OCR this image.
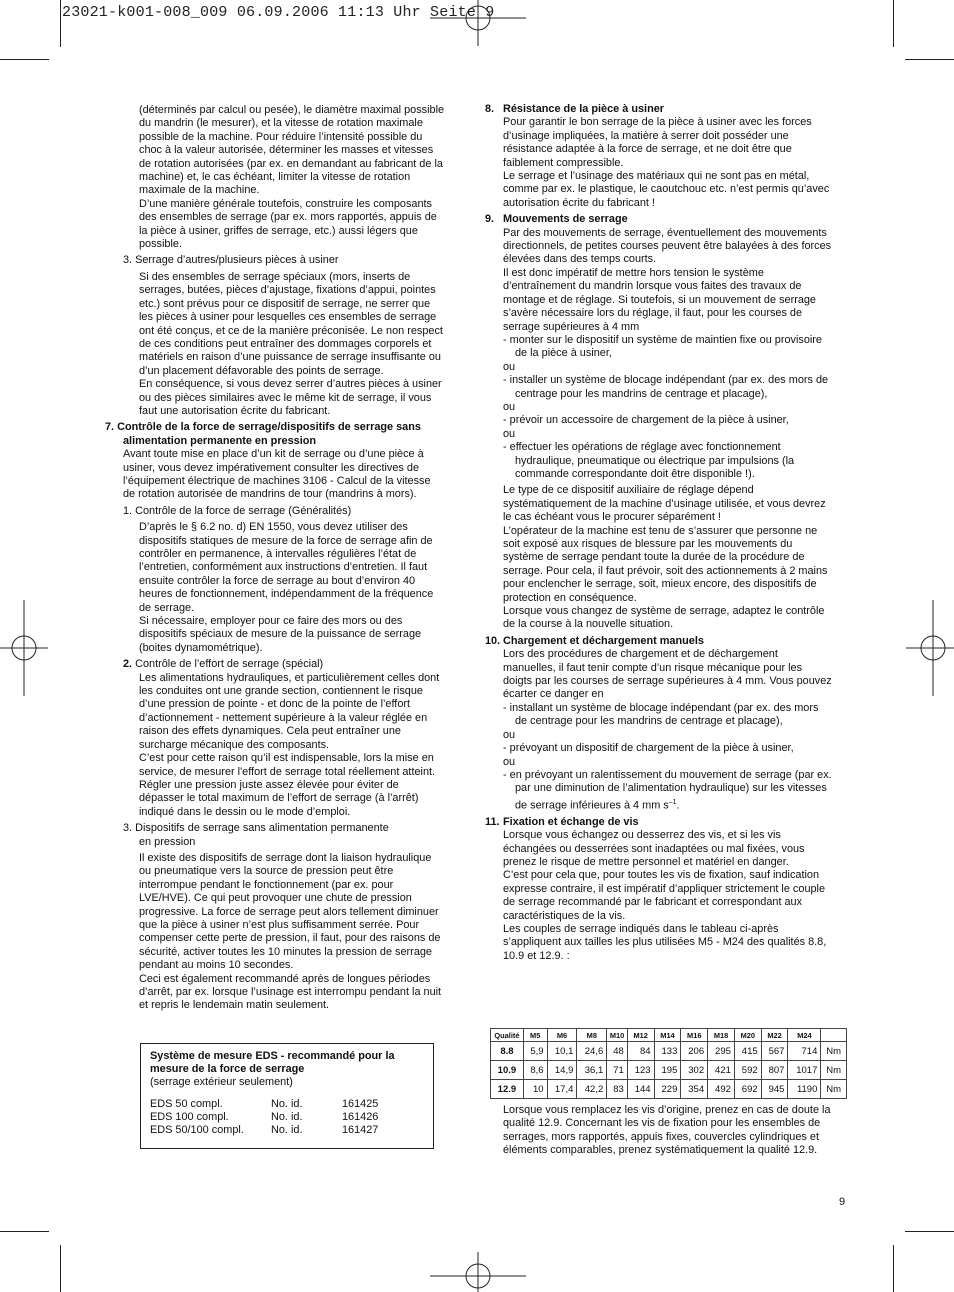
23021-k001-008_009 06.09.2006 11:13 Uhr Seite 9

(déterminés par calcul ou pesée), le diamètre maximal possible du mandrin (le mesurer), et la vitesse de rotation maximale possible de la machine. Pour réduire l’intensité possible du choc à la valeur autorisée, déterminer les masses et vitesses de rotation autorisées (par ex. en demandant au fabricant de la machine) et, le cas échéant, limiter la vitesse de rotation maximale de la machine.

D’une manière générale toutefois, construire les composants des ensembles de serrage (par ex. mors rapportés, appuis de la pièce à usiner, griffes de serrage, etc.) aussi légers que possible.

3. Serrage d’autres/plusieurs pièces à usiner

Si des ensembles de serrage spéciaux (mors, inserts de serrages, butées, pièces d’ajustage, fixations d’appui, pointes etc.) sont prévus pour ce dispositif de serrage, ne serrer que les pièces à usiner pour lesquelles ces ensembles de serrage ont été conçus, et ce de la manière préconisée. Le non respect de ces conditions peut entraîner des dommages corporels et matériels en raison d’une puissance de serrage insuffisante ou d’un placement défavorable des points de serrage.

En conséquence, si vous devez serrer d’autres pièces à usiner ou des pièces similaires avec le même kit de serrage, il vous faut une autorisation écrite du fabricant.

7. Contrôle de la force de serrage/dispositifs de serrage sans alimentation permanente en pression

Avant toute mise en place d’un kit de serrage ou d’une pièce à usiner, vous devez impérativement consulter les directives de l’équipement électrique de machines 3106 - Calcul de la vitesse de rotation autorisée de mandrins de tour (mandrins à mors).

1. Contrôle de la force de serrage (Généralités)

D’après le § 6.2 no. d) EN 1550, vous devez utiliser des dispositifs statiques de mesure de la force de serrage afin de contrôler en permanence, à intervalles régulières l’état de l’entretien, conformément aux instructions d’entretien. Il faut ensuite contrôler la force de serrage au bout d’environ 40 heures de fonctionnement, indépendamment de la fréquence de serrage.

Si nécessaire, employer pour ce faire des mors ou des dispositifs spéciaux de mesure de la puissance de serrage (boites dynamométrique).

2. Contrôle de l’effort de serrage (spécial)

Les alimentations hydrauliques, et particulièrement celles dont les conduites ont une grande section, contiennent le risque d’une pression de pointe - et donc de la pointe de l’effort d’actionnement - nettement supérieure à la valeur réglée en raison des effets dynamiques. Cela peut entraîner une surcharge mécanique des composants.

C’est pour cette raison qu’il est indispensable, lors la mise en service, de mesurer l'effort de serrage total réellement atteint. Régler une pression juste assez élevée pour éviter de dépasser le total maximum de l’effort de serrage (à l’arrêt) indiqué dans le dessin ou le mode d’emploi.

3. Dispositifs de serrage sans alimentation permanente

en pression

Il existe des dispositifs de serrage dont la liaison hydraulique ou pneumatique vers la source de pression peut être interrompue pendant le fonctionnement (par ex. pour LVE/HVE). Ce qui peut provoquer une chute de pression progressive. La force de serrage peut alors tellement diminuer que la pièce à usiner n’est plus suffisamment serrée. Pour compenser cette perte de pression, il faut, pour des raisons de sécurité, activer toutes les 10 minutes la pression de serrage pendant au moins 10 secondes.

Ceci est également recommandé après de longues périodes d’arrêt, par ex. lorsque l’usinage est interrompu pendant la nuit et repris le lendemain matin seulement.

Système de mesure EDS - recommandé pour la mesure de la force de serrage

(serrage extérieur seulement)

EDS 50 compl.	No. id.	161425
EDS 100 compl.	No. id.	161426
EDS 50/100 compl.	No. id.	161427

8. Résistance de la pièce à usiner

Pour garantir le bon serrage de la pièce à usiner avec les forces d’usinage impliquées, la matière à serrer doit posséder une résistance adaptée à la force de serrage, et ne doit être que faiblement compressible.

Le serrage et l’usinage des matériaux qui ne sont pas en métal, comme par ex. le plastique, le caoutchouc etc. n’est permis qu’avec autorisation écrite du fabricant !

9. Mouvements de serrage

Par des mouvements de serrage, éventuellement des mouvements directionnels, de petites courses peuvent être balayées à des forces élevées dans des temps courts.

Il est donc impératif de mettre hors tension le système d’entraînement du mandrin lorsque vous faites des travaux de montage et de réglage. Si toutefois, si un mouvement de serrage s’avère nécessaire lors du réglage, il faut, pour les courses de serrage supérieures à 4 mm

- monter sur le dispositif un système de maintien fixe ou provisoire de la pièce à usiner,

ou

- installer un système de blocage indépendant (par ex. des mors de centrage pour les mandrins de centrage et placage),

ou

- prévoir un accessoire de chargement de la pièce à usiner,

ou

- effectuer les opérations de réglage avec fonctionnement hydraulique, pneumatique ou électrique par impulsions (la commande correspondante doit être disponible !).

Le type de ce dispositif auxiliaire de réglage dépend systématiquement de la machine d’usinage utilisée, et vous devrez le cas échéant vous le procurer séparément !

L’opérateur de la machine est tenu de s’assurer que personne ne soit exposé aux risques de blessure par les mouvements du système de serrage pendant toute la durée de la procédure de serrage. Pour cela, il faut prévoir, soit des actionnements à 2 mains pour enclencher le serrage, soit, mieux encore, des dispositifs de protection en conséquence.

Lorsque vous changez de système de serrage, adaptez le contrôle de la course à la nouvelle situation.

10. Chargement et déchargement manuels

Lors des procédures de chargement et de déchargement manuelles, il faut tenir compte d’un risque mécanique pour les doigts par les courses de serrage supérieures à 4 mm. Vous pouvez écarter ce danger en

- installant un système de blocage indépendant (par ex. des mors de centrage pour les mandrins de centrage et placage),

ou

- prévoyant un dispositif de chargement de la pièce à usiner,

ou

- en prévoyant un ralentissement du mouvement de serrage (par ex. par une diminution de l’alimentation hydraulique) sur les vitesses de serrage inférieures à 4 mm $s^{-1}$.

11. Fixation et échange de vis

Lorsque vous échangez ou desserrez des vis, et si les vis échangées ou desserrées sont inadaptées ou mal fixées, vous prenez le risque de mettre personnel et matériel en danger.

C’est pour cela que, pour toutes les vis de fixation, sauf indication expresse contraire, il est impératif d’appliquer strictement le couple de serrage recommandé par le fabricant et correspondant aux caractéristiques de la vis.

Les couples de serrage indiqués dans le tableau ci-après s’appliquent aux tailles les plus utilisées M5 - M24 des qualités 8.8, 10.9 et 12.9. :

Qualité	M5	M6	M8	M10	M12	M14	M16	M18	M20	M22	M24	
8.8	5,9	10,1	24,6	48	84	133	206	295	415	567	714	Nm
10.9	8,6	14,9	36,1	71	123	195	302	421	592	807	1017	Nm
12.9	10	17,4	42,2	83	144	229	354	492	692	945	1190	Nm

Lorsque vous remplacez les vis d’origine, prenez en cas de doute la qualité 12.9. Concernant les vis de fixation pour les ensembles de serrages, mors rapportés, appuis fixes, couvercles cylindriques et éléments comparables, prenez systématiquement la qualité 12.9.

9
